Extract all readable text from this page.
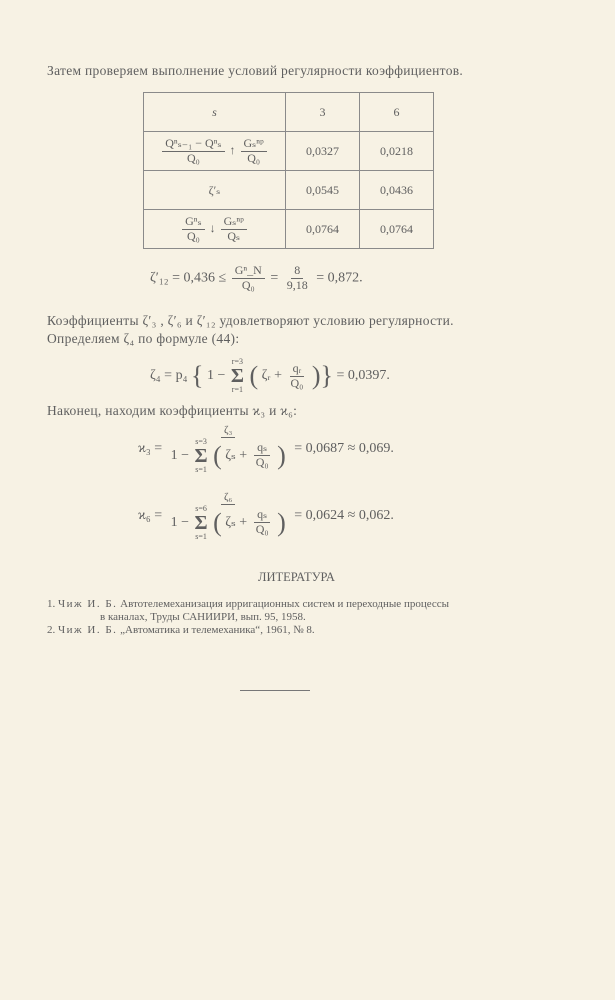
Затем проверяем выполнение условий регулярности коэффициентов.
s	3	6

$\frac{\text{Qⁿₛ₋₁ − Qⁿₛ}}{\text{Q₀}}$ ↑ $\frac{\text{Gₛⁿᵖ}}{\text{Q₀}}$	0,0327	0,0218
ζ′ₛ	0,0545	0,0436

$\frac{\text{Gⁿₛ}}{\text{Q₀}}$ ↓ $\frac{\text{Gₛⁿᵖ}}{\text{Qₛ}}$	0,0764	0,0764
$\zeta'_{12} = 0,436 \le \frac{\text{Gⁿ\_N}}{\text{Q₀}} = \frac{8}{9,18} = 0,872$.
Коэффициенты ζ′₃ , ζ′₆ и ζ′₁₂ удовлетворяют условию регулярности.
Определяем ζ₄ по формуле (44):
ζ₄ = p₄ { 1 −
r=3
Σ
r=1 ( ζᵣ + $\frac{\text{qᵣ}}{\text{Q₀}}$ )} = 0,0397.
Наконец, находим коэффициенты ϰ₃ и ϰ₆:
ϰ₃ = ζ₃
1 −
s=3
Σ
s=1 ( $\zeta_s + \frac{\text{qₛ}}{\text{Q₀}}$ ) = 0,0687 ≈ 0,069.
ϰ₆ = ζ₆
1 −
s=6
Σ
s=1 ( $\zeta_s + \frac{\text{qₛ}}{\text{Q₀}}$ ) = 0,0624 ≈ 0,062.
ЛИТЕРАТУРА
1. Чиж И. Б. Автотелемеханизация ирригационных систем и переходные процессы
в каналах, Труды САНИИРИ, вып. 95, 1958.
2. Чиж И. Б. „Автоматика и телемеханика“, 1961, № 8.
